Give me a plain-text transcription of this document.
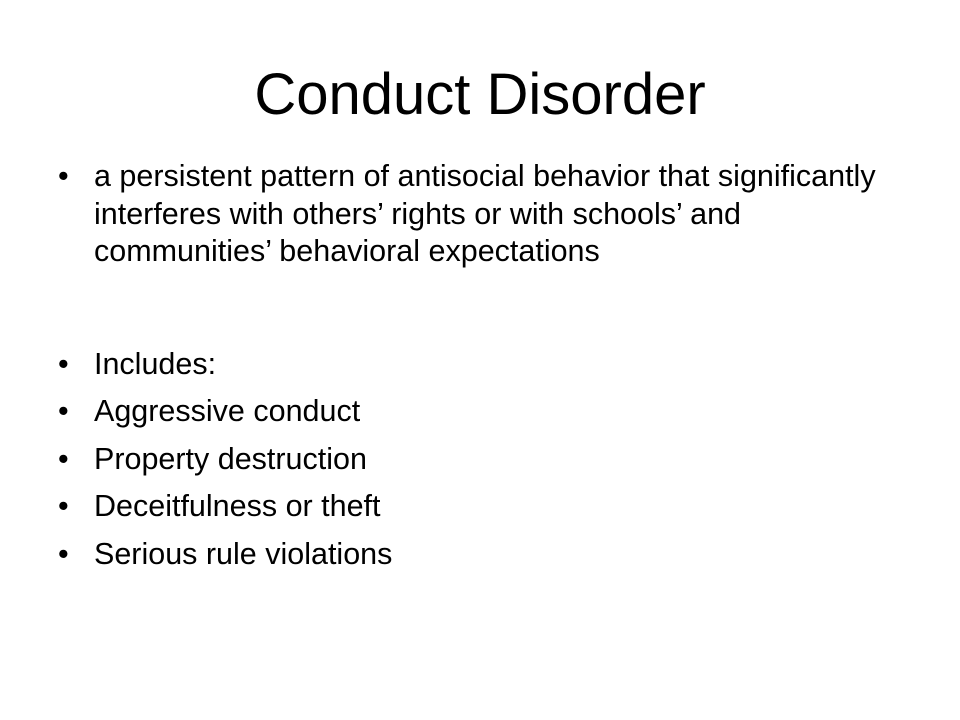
Conduct Disorder
• a persistent pattern of antisocial behavior that significantly interferes with others’ rights or with schools’ and communities’ behavioral expectations
• Includes:
• Aggressive conduct
• Property destruction
• Deceitfulness or theft
• Serious rule violations
